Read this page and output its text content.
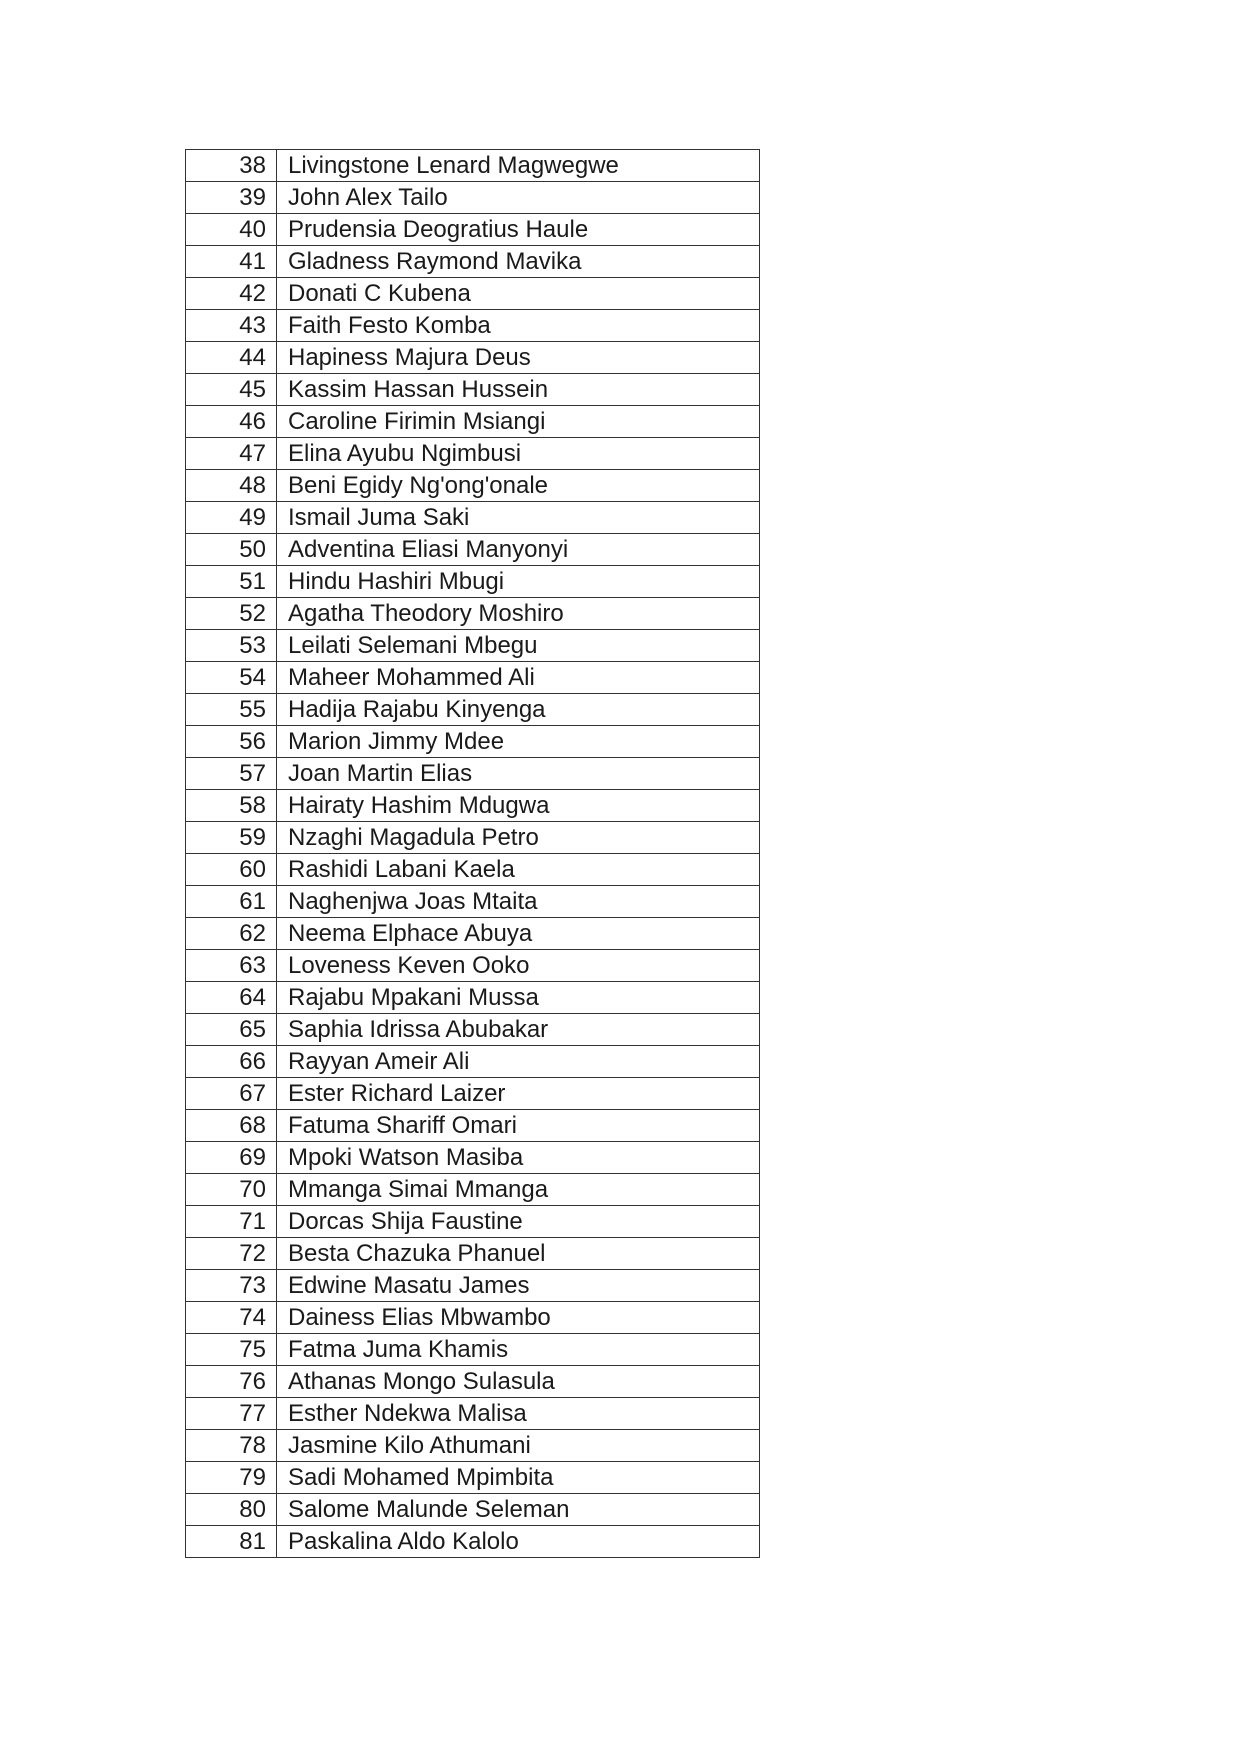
38	Livingstone Lenard Magwegwe
39	John Alex Tailo
40	Prudensia Deogratius Haule
41	Gladness Raymond Mavika
42	Donati C Kubena
43	Faith Festo Komba
44	Hapiness Majura Deus
45	Kassim Hassan Hussein
46	Caroline Firimin Msiangi
47	Elina Ayubu Ngimbusi
48	Beni Egidy Ng'ong'onale
49	Ismail Juma Saki
50	Adventina Eliasi Manyonyi
51	Hindu Hashiri Mbugi
52	Agatha Theodory Moshiro
53	Leilati Selemani Mbegu
54	Maheer Mohammed Ali
55	Hadija Rajabu Kinyenga
56	Marion Jimmy Mdee
57	Joan Martin Elias
58	Hairaty Hashim Mdugwa
59	Nzaghi Magadula Petro
60	Rashidi Labani Kaela
61	Naghenjwa Joas Mtaita
62	Neema Elphace Abuya
63	Loveness Keven Ooko
64	Rajabu Mpakani Mussa
65	Saphia Idrissa Abubakar
66	Rayyan Ameir Ali
67	Ester Richard Laizer
68	Fatuma Shariff Omari
69	Mpoki Watson Masiba
70	Mmanga Simai Mmanga
71	Dorcas Shija Faustine
72	Besta Chazuka Phanuel
73	Edwine Masatu James
74	Dainess Elias Mbwambo
75	Fatma Juma Khamis
76	Athanas Mongo Sulasula
77	Esther Ndekwa Malisa
78	Jasmine Kilo Athumani
79	Sadi Mohamed Mpimbita
80	Salome Malunde Seleman
81	Paskalina Aldo Kalolo
